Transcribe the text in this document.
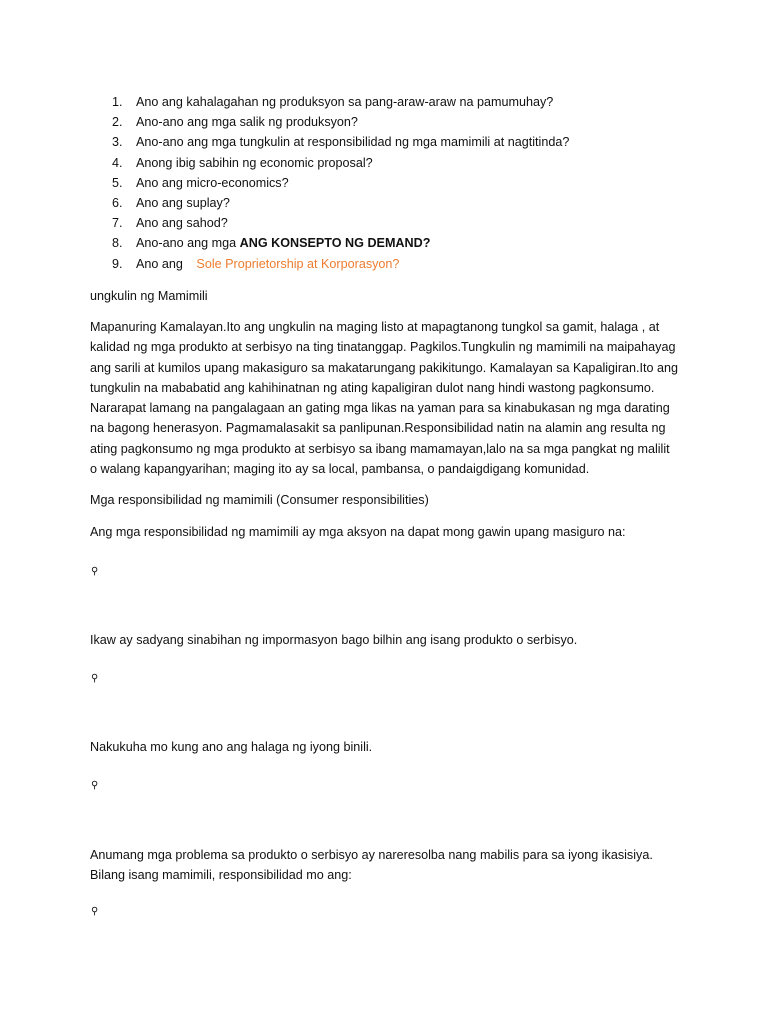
1. Ano ang kahalagahan ng produksyon sa pang-araw-araw na pamumuhay?
2. Ano-ano ang mga salik ng produksyon?
3. Ano-ano ang mga tungkulin at responsibilidad ng mga mamimili at nagtitinda?
4. Anong ibig sabihin ng economic proposal?
5. Ano ang micro-economics?
6. Ano ang suplay?
7. Ano ang sahod?
8. Ano-ano ang mga ANG KONSEPTO NG DEMAND?
9. Ano ang Sole Proprietorship at Korporasyon?
ungkulin ng Mamimili
Mapanuring Kamalayan.Ito ang ungkulin na maging listo at mapagtanong tungkol sa gamit, halaga , at
kalidad ng mga produkto at serbisyo na ting tinatanggap. Pagkilos.Tungkulin ng mamimili na maipahayag
ang sarili at kumilos upang makasiguro sa makatarungang pakikitungo. Kamalayan sa Kapaligiran.Ito ang
tungkulin na mababatid ang kahihinatnan ng ating kapaligiran dulot nang hindi wastong pagkonsumo.
Nararapat lamang na pangalagaan an gating mga likas na yaman para sa kinabukasan ng mga darating
na bagong henerasyon. Pagmamalasakit sa panlipunan.Responsibilidad natin na alamin ang resulta ng
ating pagkonsumo ng mga produkto at serbisyo sa ibang mamamayan,lalo na sa mga pangkat ng malilit
o walang kapangyarihan; maging ito ay sa local, pambansa, o pandaigdigang komunidad.
Mga responsibilidad ng mamimili (Consumer responsibilities)
Ang mga responsibilidad ng mamimili ay mga aksyon na dapat mong gawin upang masiguro na:
⚲
Ikaw ay sadyang sinabihan ng impormasyon bago bilhin ang isang produkto o serbisyo.
⚲
Nakukuha mo kung ano ang halaga ng iyong binili.
⚲
Anumang mga problema sa produkto o serbisyo ay nareresolba nang mabilis para sa iyong ikasisiya.
Bilang isang mamimili, responsibilidad mo ang:
⚲
